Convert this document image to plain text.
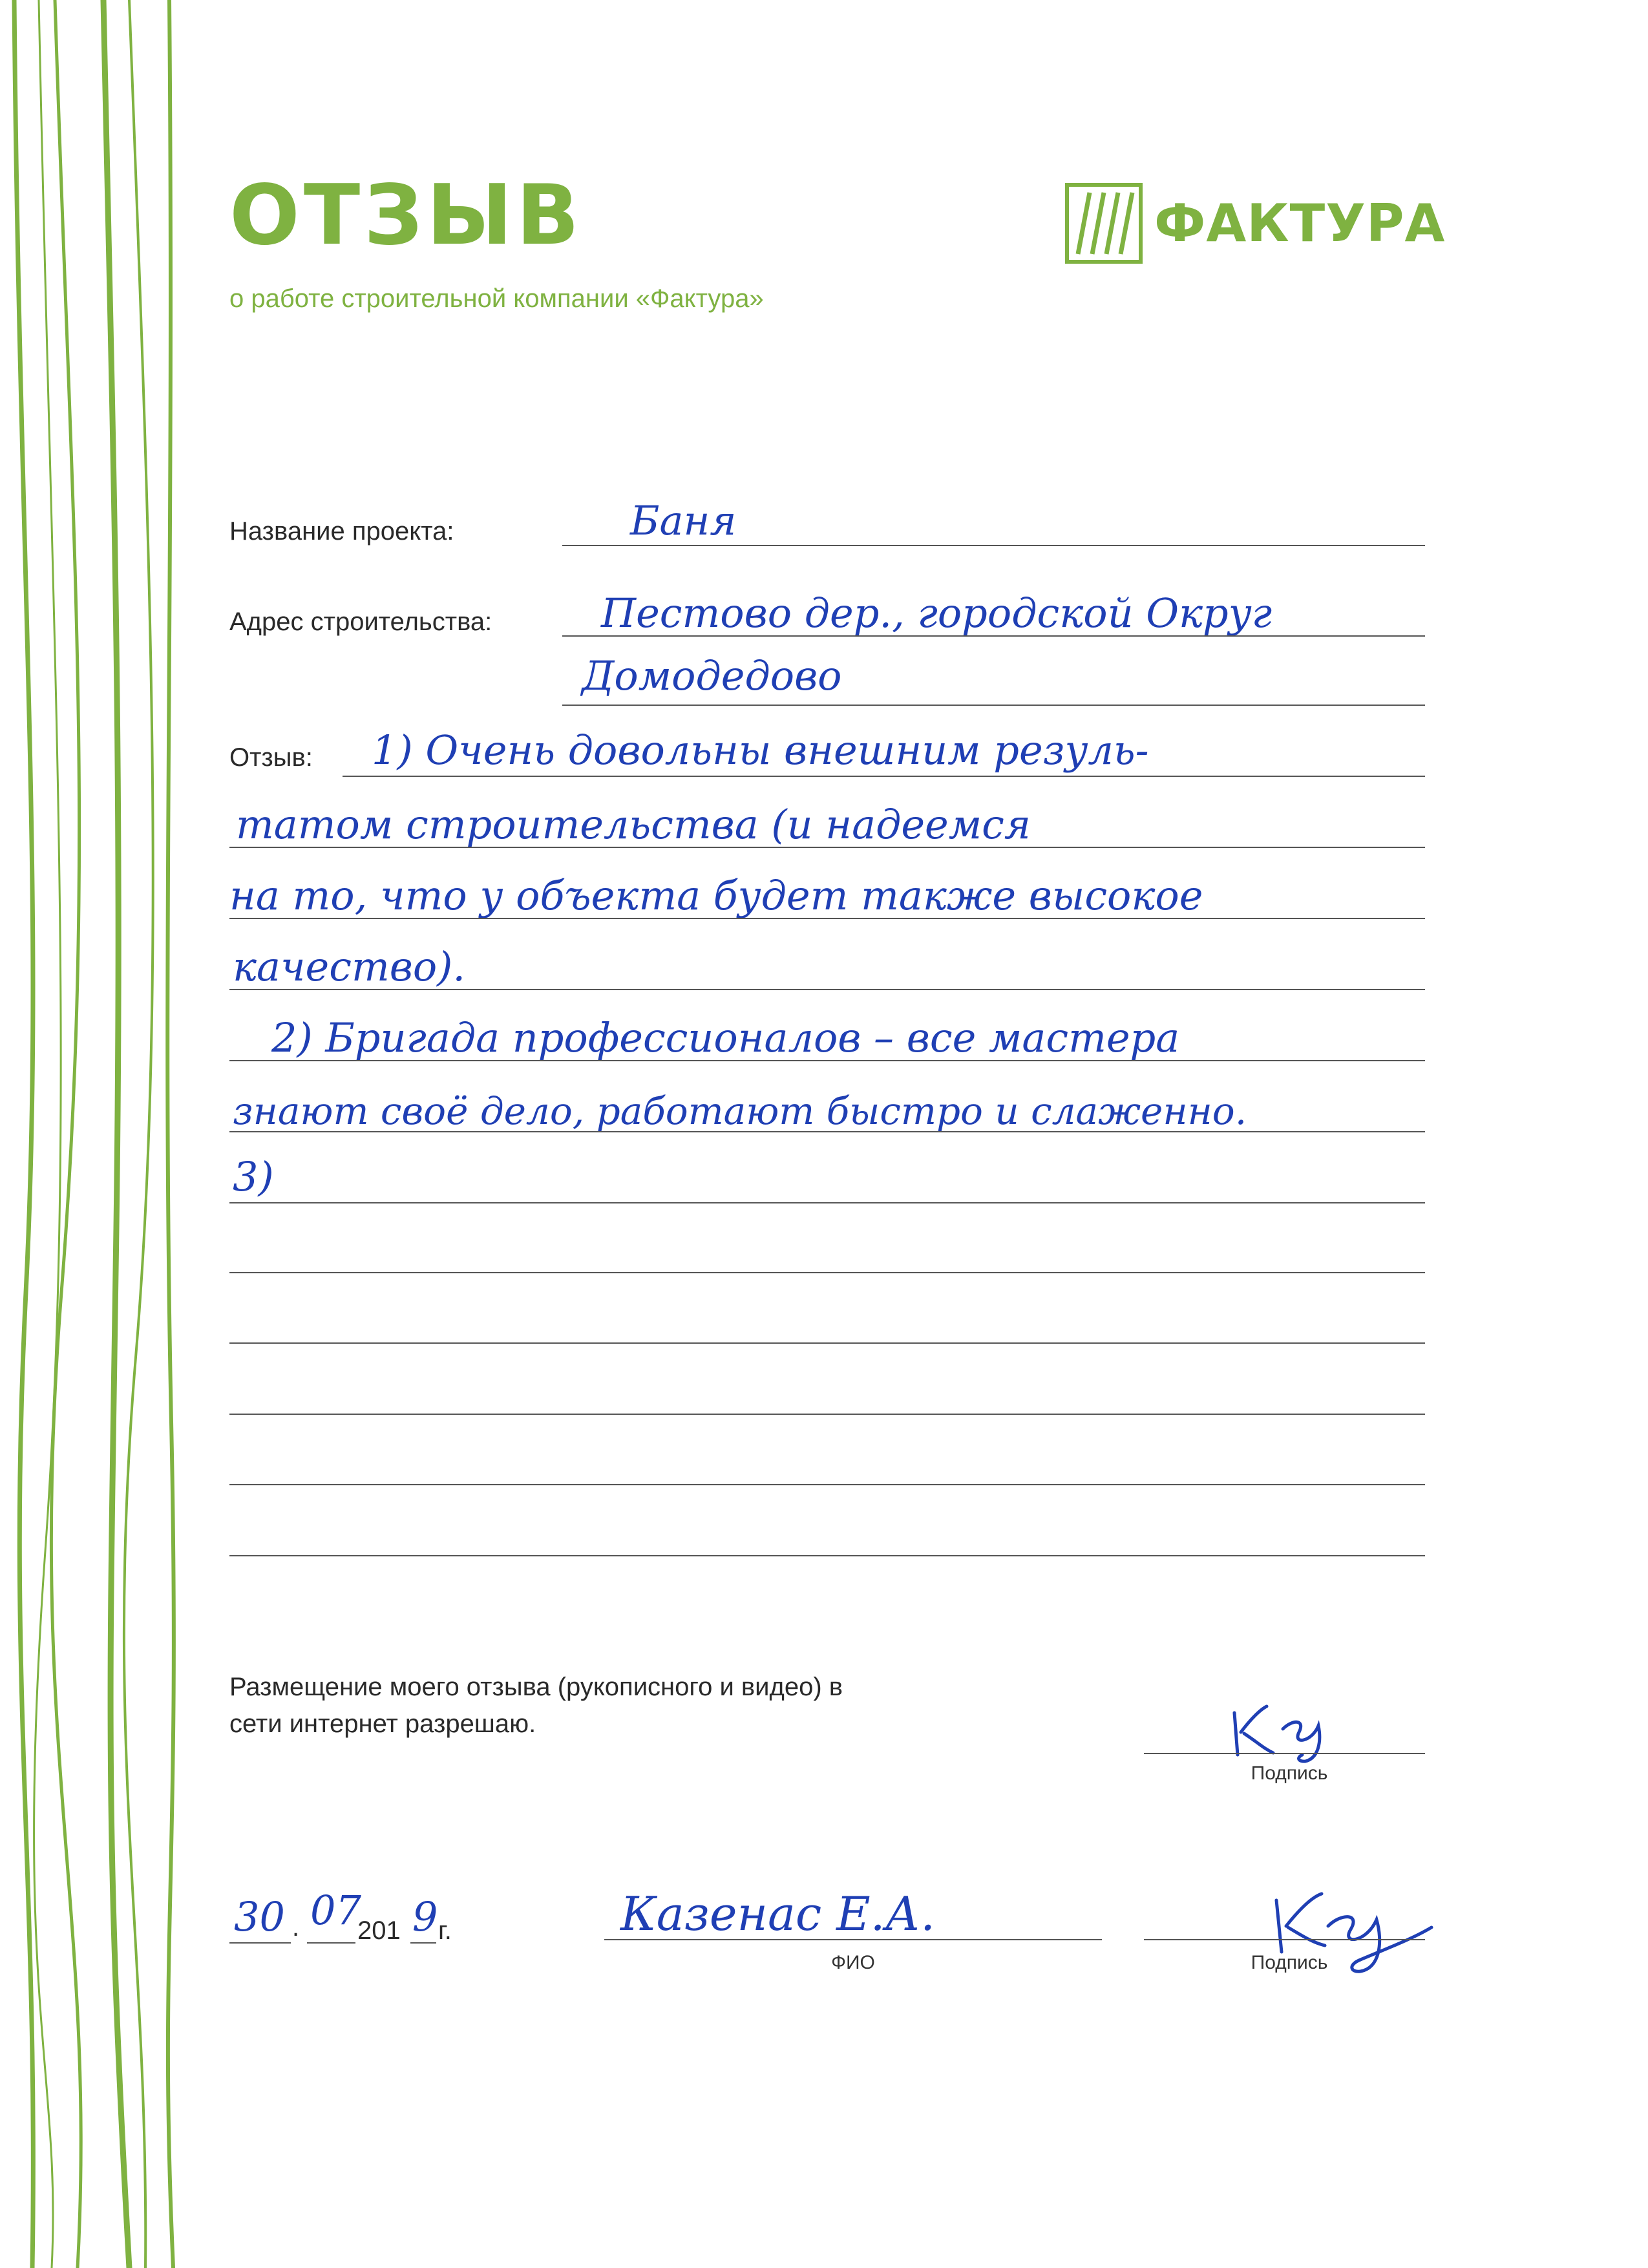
ОТЗЫВ
о работе строительной компании «Фактура»
ФАКТУРА
Название проекта:	Баня
Адрес строительства:	Пестово дер., городской Округ
Домодедово
Отзыв: 1) Очень довольны внешним резуль-
татом строительства (и надеемся
на то, что у объекта будет также высокое
качество).
2) Бригада профессионалов – все мастера
знают своё дело, работают быстро и слаженно.
3)
Размещение моего отзыва (рукописного и видео) в
сети интернет разрешаю.
Подпись
30 . 07
201 9 г.	Казенас Е.А.
ФИО	Подпись
